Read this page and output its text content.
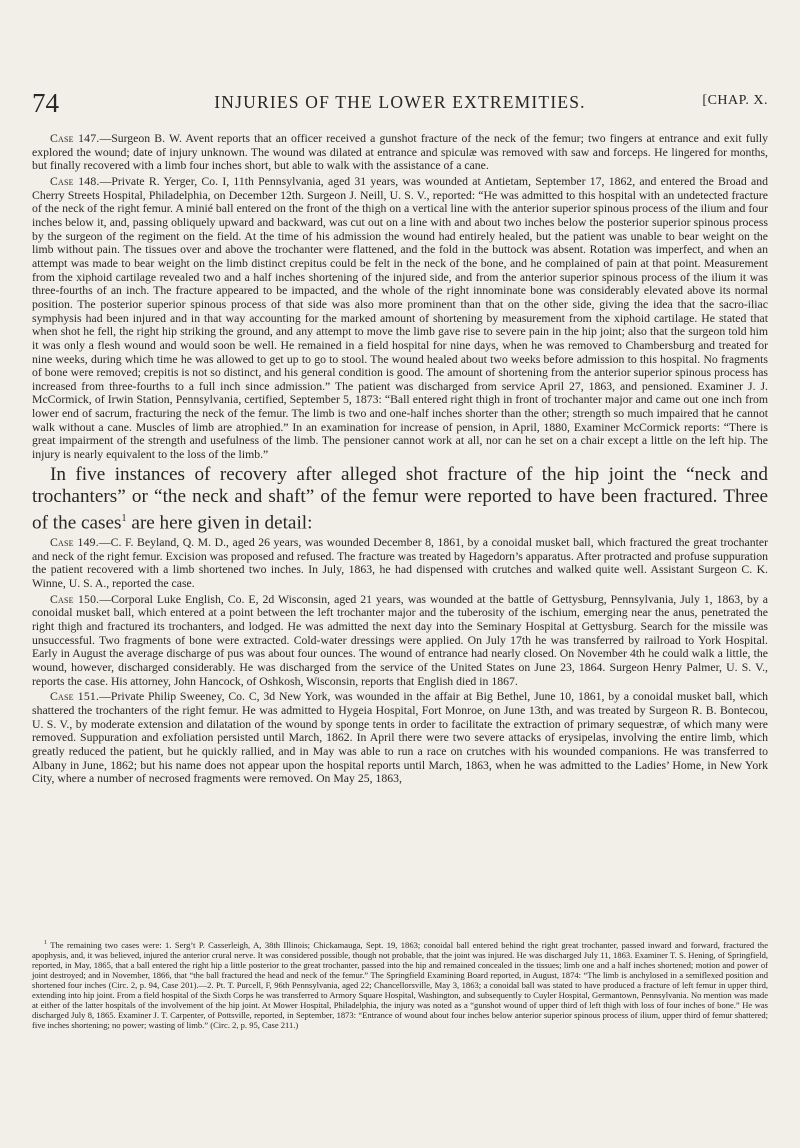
74	INJURIES OF THE LOWER EXTREMITIES.	[CHAP. X.

Case 147.—Surgeon B. W. Avent reports that an officer received a gunshot fracture of the neck of the femur; two fingers at entrance and exit fully explored the wound; date of injury unknown. The wound was dilated at entrance and spiculæ was removed with saw and forceps. He lingered for months, but finally recovered with a limb four inches short, but able to walk with the assistance of a cane.

Case 148.—Private R. Yerger, Co. I, 11th Pennsylvania, aged 31 years, was wounded at Antietam, September 17, 1862, and entered the Broad and Cherry Streets Hospital, Philadelphia, on December 12th. Surgeon J. Neill, U. S. V., reported: “He was admitted to this hospital with an undetected fracture of the neck of the right femur. A minié ball entered on the front of the thigh on a vertical line with the anterior superior spinous process of the ilium and four inches below it, and, passing obliquely upward and backward, was cut out on a line with and about two inches below the posterior superior spinous process by the surgeon of the regiment on the field. At the time of his admission the wound had entirely healed, but the patient was unable to bear weight on the limb without pain. The tissues over and above the trochanter were flattened, and the fold in the buttock was absent. Rotation was imperfect, and when an attempt was made to bear weight on the limb distinct crepitus could be felt in the neck of the bone, and he complained of pain at that point. Measurement from the xiphoid cartilage revealed two and a half inches shortening of the injured side, and from the anterior superior spinous process of the ilium it was three-fourths of an inch. The fracture appeared to be impacted, and the whole of the right innominate bone was considerably elevated above its normal position. The posterior superior spinous process of that side was also more prominent than that on the other side, giving the idea that the sacro-iliac symphysis had been injured and in that way accounting for the marked amount of shortening by measurement from the xiphoid cartilage. He stated that when shot he fell, the right hip striking the ground, and any attempt to move the limb gave rise to severe pain in the hip joint; also that the surgeon told him it was only a flesh wound and would soon be well. He remained in a field hospital for nine days, when he was removed to Chambersburg and treated for nine weeks, during which time he was allowed to get up to go to stool. The wound healed about two weeks before admission to this hospital. No fragments of bone were removed; crepitis is not so distinct, and his general condition is good. The amount of shortening from the anterior superior spinous process has increased from three-fourths to a full inch since admission.” The patient was discharged from service April 27, 1863, and pensioned. Examiner J. J. McCormick, of Irwin Station, Pennsylvania, certified, September 5, 1873: “Ball entered right thigh in front of trochanter major and came out one inch from lower end of sacrum, fracturing the neck of the femur. The limb is two and one-half inches shorter than the other; strength so much impaired that he cannot walk without a cane. Muscles of limb are atrophied.” In an examination for increase of pension, in April, 1880, Examiner McCormick reports: “There is great impairment of the strength and usefulness of the limb. The pensioner cannot work at all, nor can he set on a chair except a little on the left hip. The injury is nearly equivalent to the loss of the limb.”

In five instances of recovery after alleged shot fracture of the hip joint the “neck and trochanters” or “the neck and shaft” of the femur were reported to have been fractured. Three of the cases$^1$ are here given in detail:

Case 149.—C. F. Beyland, Q. M. D., aged 26 years, was wounded December 8, 1861, by a conoidal musket ball, which fractured the great trochanter and neck of the right femur. Excision was proposed and refused. The fracture was treated by Hagedorn’s apparatus. After protracted and profuse suppuration the patient recovered with a limb shortened two inches. In July, 1863, he had dispensed with crutches and walked quite well. Assistant Surgeon C. K. Winne, U. S. A., reported the case.

Case 150.—Corporal Luke English, Co. E, 2d Wisconsin, aged 21 years, was wounded at the battle of Gettysburg, Pennsylvania, July 1, 1863, by a conoidal musket ball, which entered at a point between the left trochanter major and the tuberosity of the ischium, emerging near the anus, penetrated the right thigh and fractured its trochanters, and lodged. He was admitted the next day into the Seminary Hospital at Gettysburg. Search for the missile was unsuccessful. Two fragments of bone were extracted. Cold-water dressings were applied. On July 17th he was transferred by railroad to York Hospital. Early in August the average discharge of pus was about four ounces. The wound of entrance had nearly closed. On November 4th he could walk a little, the wound, however, discharged considerably. He was discharged from the service of the United States on June 23, 1864. Surgeon Henry Palmer, U. S. V., reports the case. His attorney, John Hancock, of Oshkosh, Wisconsin, reports that English died in 1867.

Case 151.—Private Philip Sweeney, Co. C, 3d New York, was wounded in the affair at Big Bethel, June 10, 1861, by a conoidal musket ball, which shattered the trochanters of the right femur. He was admitted to Hygeia Hospital, Fort Monroe, on June 13th, and was treated by Surgeon R. B. Bontecou, U. S. V., by moderate extension and dilatation of the wound by sponge tents in order to facilitate the extraction of primary sequestræ, of which many were removed. Suppuration and exfoliation persisted until March, 1862. In April there were two severe attacks of erysipelas, involving the entire limb, which greatly reduced the patient, but he quickly rallied, and in May was able to run a race on crutches with his wounded companions. He was transferred to Albany in June, 1862; but his name does not appear upon the hospital reports until March, 1863, when he was admitted to the Ladies’ Home, in New York City, where a number of necrosed fragments were removed. On May 25, 1863,

$^1$ The remaining two cases were: 1. Serg’t P. Casserleigh, A, 38th Illinois; Chickamauga, Sept. 19, 1863; conoidal ball entered behind the right great trochanter, passed inward and forward, fractured the apophysis, and, it was believed, injured the anterior crural nerve. It was considered possible, though not probable, that the joint was injured. He was discharged July 11, 1863. Examiner T. S. Hening, of Springfield, reported, in May, 1865, that a ball entered the right hip a little posterior to the great trochanter, passed into the hip and remained concealed in the tissues; limb one and a half inches shortened; motion and power of joint destroyed; and in November, 1866, that “the ball fractured the head and neck of the femur.” The Springfield Examining Board reported, in August, 1874: “The limb is anchylosed in a semiflexed position and shortened four inches (Circ. 2, p. 94, Case 201).—2. Pt. T. Purcell, F, 96th Pennsylvania, aged 22; Chancellorsville, May 3, 1863; a conoidal ball was stated to have produced a fracture of left femur in upper third, extending into hip joint. From a field hospital of the Sixth Corps he was transferred to Armory Square Hospital, Washington, and subsequently to Cuyler Hospital, Germantown, Pennsylvania. No mention was made at either of the latter hospitals of the involvement of the hip joint. At Mower Hospital, Philadelphia, the injury was noted as a “gunshot wound of upper third of left thigh with loss of four inches of bone.” He was discharged July 8, 1865. Examiner J. T. Carpenter, of Pottsville, reported, in September, 1873: “Entrance of wound about four inches below anterior superior spinous process of ilium, upper third of femur shattered; five inches shortening; no power; wasting of limb.” (Circ. 2, p. 95, Case 211.)
